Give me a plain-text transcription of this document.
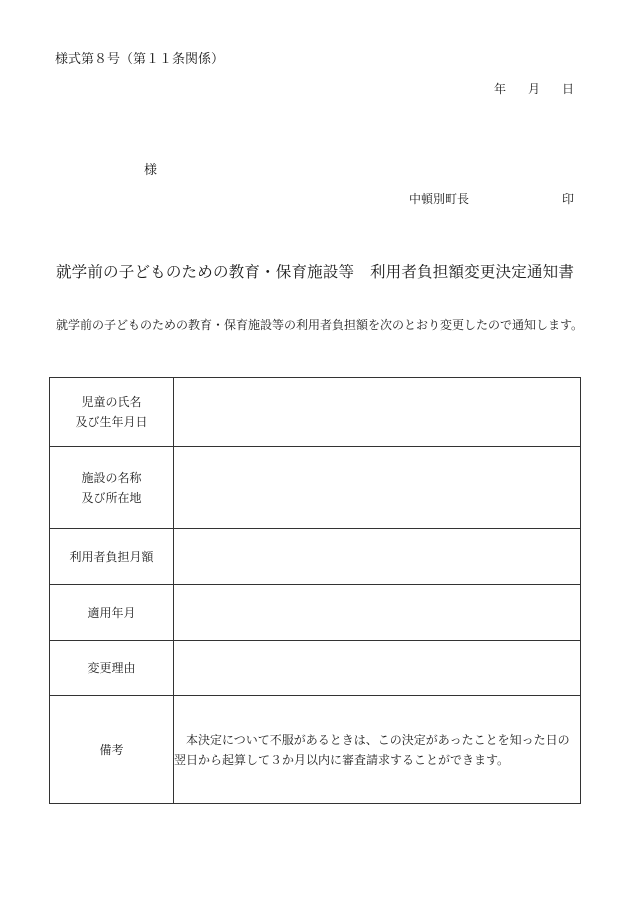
様式第８号（第１１条関係）
年 月 日
様
中頓別町長	印
就学前の子どものための教育・保育施設等　利用者負担額変更決定通知書
就学前の子どものための教育・保育施設等の利用者負担額を次のとおり変更したので通知します。
児童の氏名
及び生年月日	

施設の名称
及び所在地	

利用者負担月額	

適用年月	

変更理由	

備考	　本決定について不服があるときは、この決定があったことを知った日の翌日から起算して３か月以内に審査請求することができます。
